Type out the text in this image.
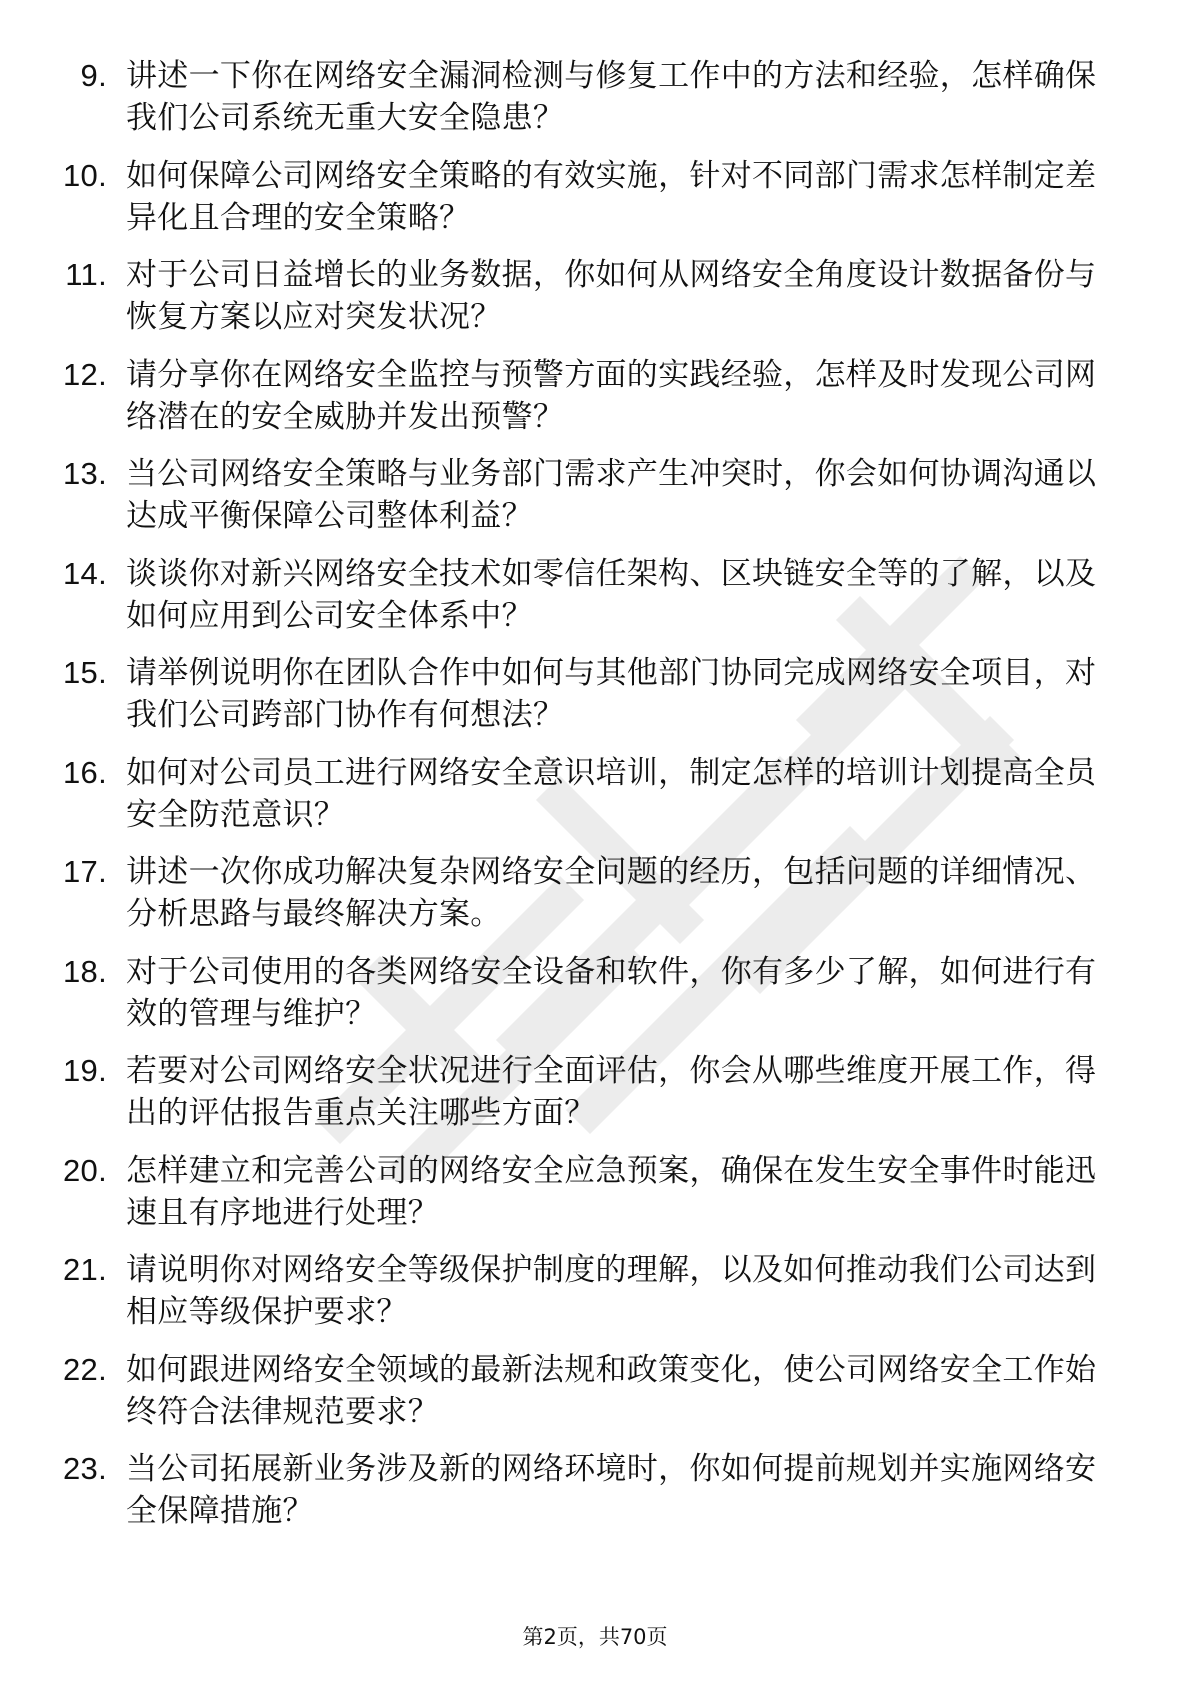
9. 讲述一下你在网络安全漏洞检测与修复工作中的方法和经验，怎样确保我们公司系统无重大安全隐患？
10. 如何保障公司网络安全策略的有效实施，针对不同部门需求怎样制定差异化且合理的安全策略？
11. 对于公司日益增长的业务数据，你如何从网络安全角度设计数据备份与恢复方案以应对突发状况？
12. 请分享你在网络安全监控与预警方面的实践经验，怎样及时发现公司网络潜在的安全威胁并发出预警？
13. 当公司网络安全策略与业务部门需求产生冲突时，你会如何协调沟通以达成平衡保障公司整体利益？
14. 谈谈你对新兴网络安全技术如零信任架构、区块链安全等的了解，以及如何应用到公司安全体系中？
15. 请举例说明你在团队合作中如何与其他部门协同完成网络安全项目，对我们公司跨部门协作有何想法？
16. 如何对公司员工进行网络安全意识培训，制定怎样的培训计划提高全员安全防范意识？
17. 讲述一次你成功解决复杂网络安全问题的经历，包括问题的详细情况、分析思路与最终解决方案。
18. 对于公司使用的各类网络安全设备和软件，你有多少了解，如何进行有效的管理与维护？
19. 若要对公司网络安全状况进行全面评估，你会从哪些维度开展工作，得出的评估报告重点关注哪些方面？
20. 怎样建立和完善公司的网络安全应急预案，确保在发生安全事件时能迅速且有序地进行处理？
21. 请说明你对网络安全等级保护制度的理解，以及如何推动我们公司达到相应等级保护要求？
22. 如何跟进网络安全领域的最新法规和政策变化，使公司网络安全工作始终符合法律规范要求？
23. 当公司拓展新业务涉及新的网络环境时，你如何提前规划并实施网络安全保障措施？
第2页，共70页
